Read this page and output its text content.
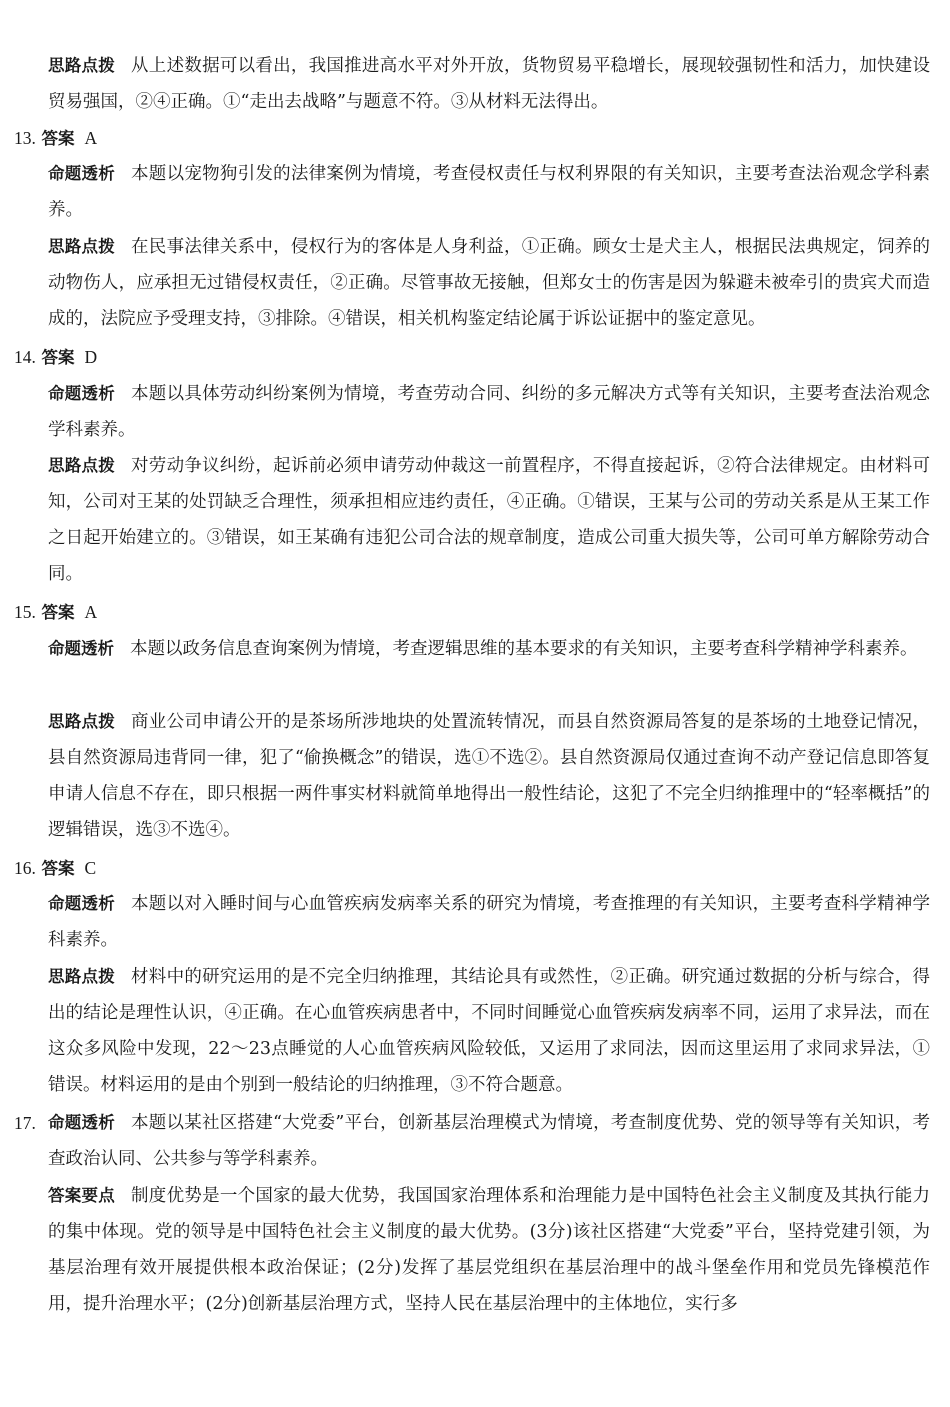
思路点拨 从上述数据可以看出，我国推进高水平对外开放，货物贸易平稳增长，展现较强韧性和活力，加快建设贸易强国，②④正确。①“走出去战略”与题意不符。③从材料无法得出。
13. 答案 A
命题透析 本题以宠物狗引发的法律案例为情境，考查侵权责任与权利界限的有关知识，主要考查法治观念学科素养。
思路点拨 在民事法律关系中，侵权行为的客体是人身利益，①正确。顾女士是犬主人，根据民法典规定，饲养的动物伤人，应承担无过错侵权责任，②正确。尽管事故无接触，但郑女士的伤害是因为躲避未被牵引的贵宾犬而造成的，法院应予受理支持，③排除。④错误，相关机构鉴定结论属于诉讼证据中的鉴定意见。
14. 答案 D
命题透析 本题以具体劳动纠纷案例为情境，考查劳动合同、纠纷的多元解决方式等有关知识，主要考查法治观念学科素养。
思路点拨 对劳动争议纠纷，起诉前必须申请劳动仲裁这一前置程序，不得直接起诉，②符合法律规定。由材料可知，公司对王某的处罚缺乏合理性，须承担相应违约责任，④正确。①错误，王某与公司的劳动关系是从王某工作之日起开始建立的。③错误，如王某确有违犯公司合法的规章制度，造成公司重大损失等，公司可单方解除劳动合同。
15. 答案 A
命题透析 本题以政务信息查询案例为情境，考查逻辑思维的基本要求的有关知识，主要考查科学精神学科素养。
思路点拨 商业公司申请公开的是茶场所涉地块的处置流转情况，而县自然资源局答复的是茶场的土地登记情况，县自然资源局违背同一律，犯了“偷换概念”的错误，选①不选②。县自然资源局仅通过查询不动产登记信息即答复申请人信息不存在，即只根据一两件事实材料就简单地得出一般性结论，这犯了不完全归纳推理中的“轻率概括”的逻辑错误，选③不选④。
16. 答案 C
命题透析 本题以对入睡时间与心血管疾病发病率关系的研究为情境，考查推理的有关知识，主要考查科学精神学科素养。
思路点拨 材料中的研究运用的是不完全归纳推理，其结论具有或然性，②正确。研究通过数据的分析与综合，得出的结论是理性认识，④正确。在心血管疾病患者中，不同时间睡觉心血管疾病发病率不同，运用了求异法，而在这众多风险中发现，22～23点睡觉的人心血管疾病风险较低，又运用了求同法，因而这里运用了求同求异法，①错误。材料运用的是由个别到一般结论的归纳推理，③不符合题意。
17. 命题透析 本题以某社区搭建“大党委”平台，创新基层治理模式为情境，考查制度优势、党的领导等有关知识，考查政治认同、公共参与等学科素养。
答案要点 制度优势是一个国家的最大优势，我国国家治理体系和治理能力是中国特色社会主义制度及其执行能力的集中体现。党的领导是中国特色社会主义制度的最大优势。(3分)该社区搭建“大党委”平台，坚持党建引领，为基层治理有效开展提供根本政治保证；(2分)发挥了基层党组织在基层治理中的战斗堡垒作用和党员先锋模范作用，提升治理水平；(2分)创新基层治理方式，坚持人民在基层治理中的主体地位，实行多
